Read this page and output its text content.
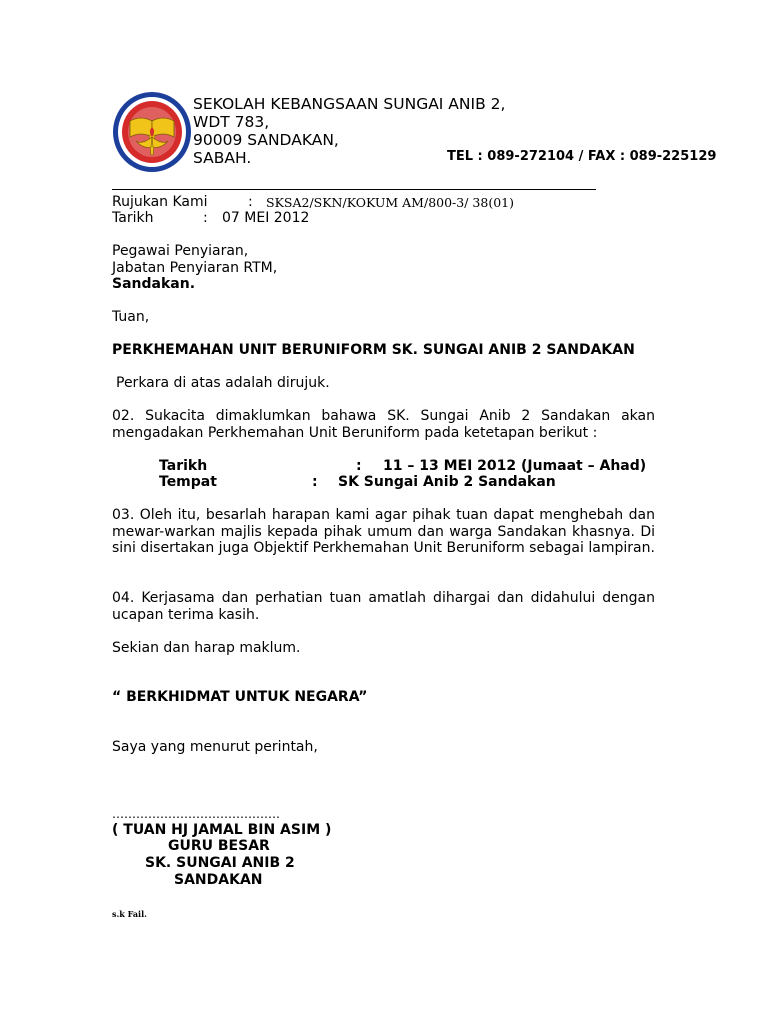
SEKOLAH KEBANGSAAN SUNGAI ANIB 2,
WDT 783,
90009 SANDAKAN,
SABAH.	TEL : 089-272104 / FAX : 089-225129
Rujukan Kami	: SKSA2/SKN/KOKUM AM/800-3/ 38(01)
Tarikh	: 07 MEI 2012
Pegawai Penyiaran,
Jabatan Penyiaran RTM,
Sandakan.
Tuan,
PERKHEMAHAN UNIT BERUNIFORM SK. SUNGAI ANIB 2 SANDAKAN
Perkara di atas adalah dirujuk.
02. Sukacita dimaklumkan bahawa SK. Sungai Anib 2 Sandakan akan mengadakan Perkhemahan Unit Beruniform pada ketetapan berikut :
Tarikh	: 11 – 13 MEI 2012 (Jumaat – Ahad)
Tempat	: SK Sungai Anib 2 Sandakan
03. Oleh itu, besarlah harapan kami agar pihak tuan dapat menghebah dan mewar-warkan majlis kepada pihak umum dan warga Sandakan khasnya. Di sini disertakan juga Objektif Perkhemahan Unit Beruniform sebagai lampiran.
04. Kerjasama dan perhatian tuan amatlah dihargai dan didahului dengan ucapan terima kasih.
Sekian dan harap maklum.
“ BERKHIDMAT UNTUK NEGARA”
Saya yang menurut perintah,
……………………………………
( TUAN HJ JAMAL BIN ASIM )
GURU BESAR
SK. SUNGAI ANIB 2
SANDAKAN
s.k Fail.
